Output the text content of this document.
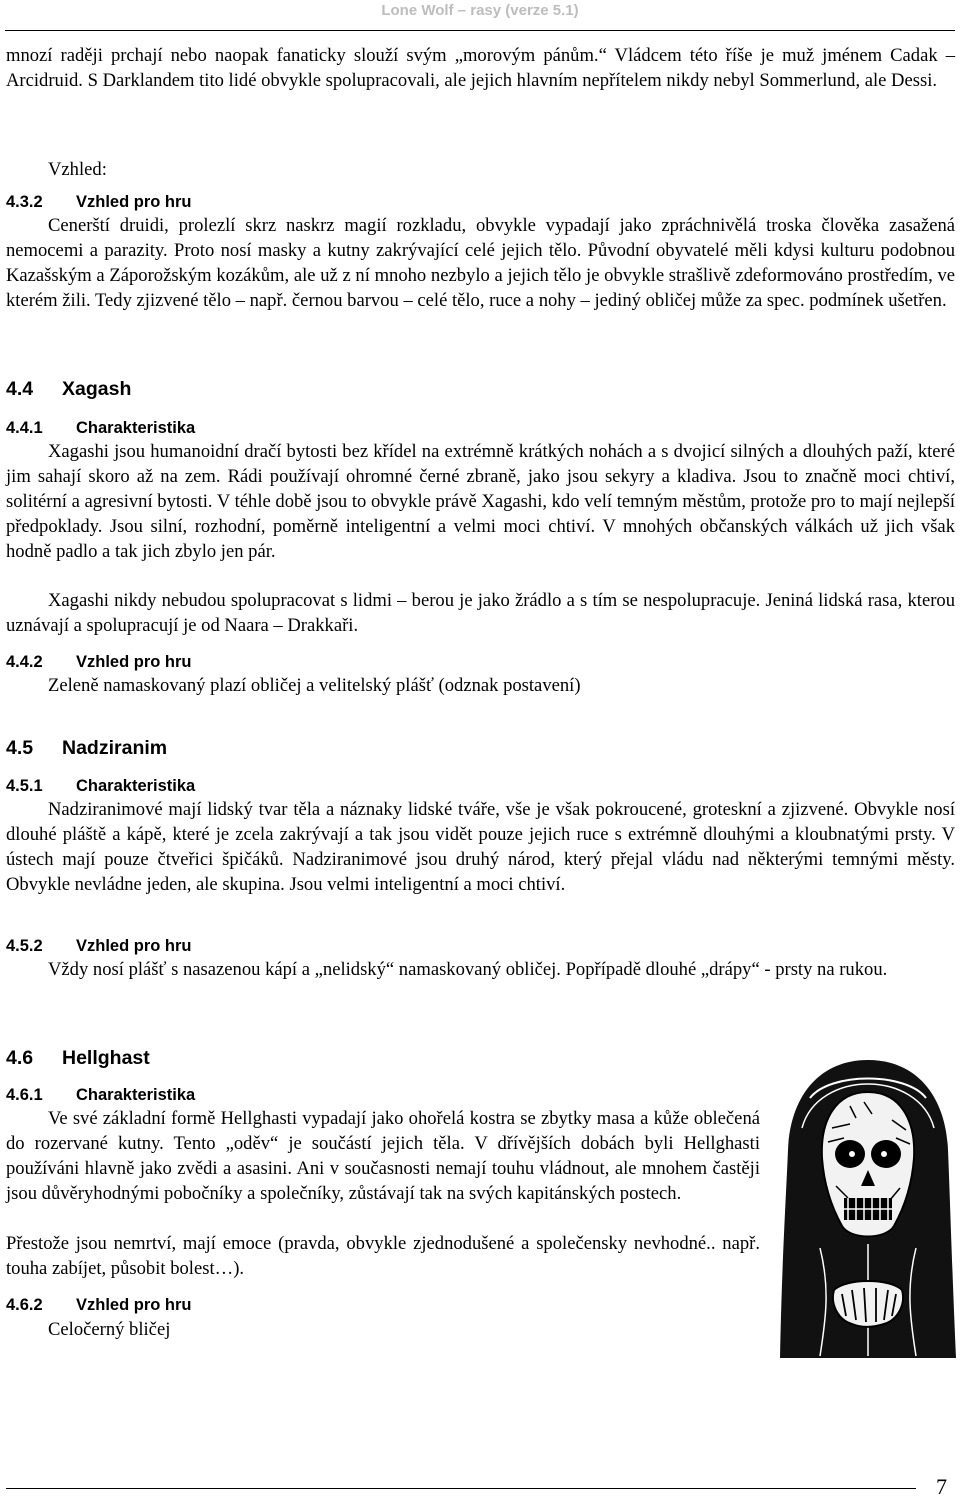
Lone Wolf – rasy (verze 5.1)

mnozí raději prchají nebo naopak fanaticky slouží svým „morovým pánům.“ Vládcem této říše je muž jménem Cadak – Arcidruid. S Darklandem tito lidé obvykle spolupracovali, ale jejich hlavním nepřítelem nikdy nebyl Sommerlund, ale Dessi.

Vzhled:

4.3.2 Vzhled pro hru

Cenerští druidi, prolezlí skrz naskrz magií rozkladu, obvykle vypadají jako zpráchnivělá troska člověka zasažená nemocemi a parazity. Proto nosí masky a kutny zakrývající celé jejich tělo. Původní obyvatelé měli kdysi kulturu podobnou Kazašským a Záporožským kozákům, ale už z ní mnoho nezbylo a jejich tělo je obvykle strašlivě zdeformováno prostředím, ve kterém žili. Tedy zjizvené tělo – např. černou barvou – celé tělo, ruce a nohy – jediný obličej může za spec. podmínek ušetřen.

4.4 Xagash
4.4.1 Charakteristika

Xagashi jsou humanoidní dračí bytosti bez křídel na extrémně krátkých nohách a s dvojicí silných a dlouhých paží, které jim sahají skoro až na zem. Rádi používají ohromné černé zbraně, jako jsou sekyry a kladiva. Jsou to značně moci chtiví, solitérní a agresivní bytosti. V téhle době jsou to obvykle právě Xagashi, kdo velí temným městům, protože pro to mají nejlepší předpoklady. Jsou silní, rozhodní, poměrně inteligentní a velmi moci chtiví. V mnohých občanských válkách už jich však hodně padlo a tak jich zbylo jen pár.

Xagashi nikdy nebudou spolupracovat s lidmi – berou je jako žrádlo a s tím se nespolupracuje. Jeniná lidská rasa, kterou uznávají a spolupracují je od Naara – Drakkaři.

4.4.2 Vzhled pro hru

Zeleně namaskovaný plazí obličej a velitelský plášť (odznak postavení)

4.5 Nadziranim
4.5.1 Charakteristika

Nadziranimové mají lidský tvar těla a náznaky lidské tváře, vše je však pokroucené, groteskní a zjizvené. Obvykle nosí dlouhé pláště a kápě, které je zcela zakrývají a tak jsou vidět pouze jejich ruce s extrémně dlouhými a kloubnatými prsty. V ústech mají pouze čtveřici špičáků. Nadziranimové jsou druhý národ, který přejal vládu nad některými temnými městy. Obvykle nevládne jeden, ale skupina. Jsou velmi inteligentní a moci chtiví.

4.5.2 Vzhled pro hru

Vždy nosí plášť s nasazenou kápí a „nelidský“ namaskovaný obličej. Popřípadě dlouhé „drápy“ - prsty na rukou.

4.6 Hellghast
4.6.1 Charakteristika

Ve své základní formě Hellghasti vypadají jako ohořelá kostra se zbytky masa a kůže oblečená do rozervané kutny. Tento „oděv“ je součástí jejich těla. V dřívějších dobách byli Hellghasti používáni hlavně jako zvědi a asasini. Ani v současnosti nemají touhu vládnout, ale mnohem častěji jsou důvěryhodnými pobočníky a společníky, zůstávají tak na svých kapitánských postech.

Přestože jsou nemrtví, mají emoce (pravda, obvykle zjednodušené a společensky nevhodné.. např. touha zabíjet, působit bolest…).

4.6.2 Vzhled pro hru

Celočerný bličej

7
